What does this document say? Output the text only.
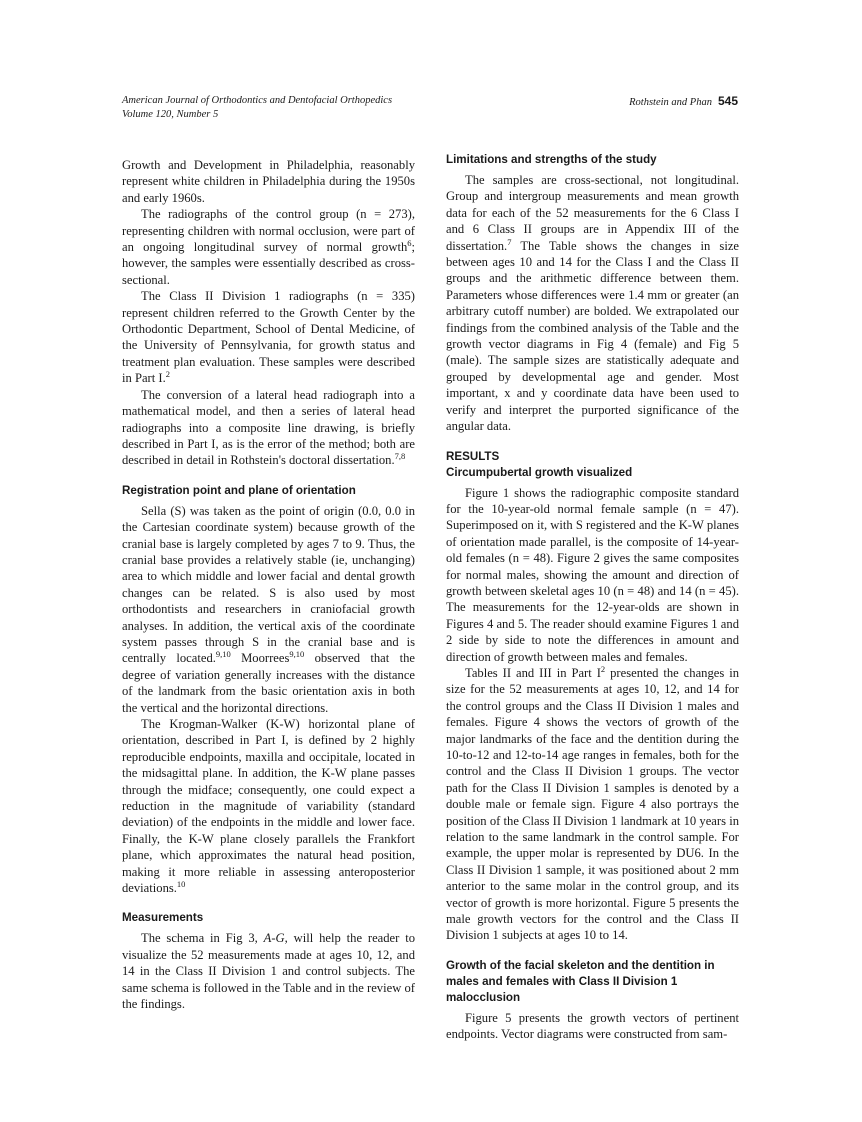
American Journal of Orthodontics and Dentofacial Orthopedics
Volume 120, Number 5
Rothstein and Phan 545

Growth and Development in Philadelphia, reasonably represent white children in Philadelphia during the 1950s and early 1960s.

The radiographs of the control group (n = 273), representing children with normal occlusion, were part of an ongoing longitudinal survey of normal growth$^6$; however, the samples were essentially described as cross-sectional.

The Class II Division 1 radiographs (n = 335) represent children referred to the Growth Center by the Orthodontic Department, School of Dental Medicine, of the University of Pennsylvania, for growth status and treatment plan evaluation. These samples were described in Part I.$^2$

The conversion of a lateral head radiograph into a mathematical model, and then a series of lateral head radiographs into a composite line drawing, is briefly described in Part I, as is the error of the method; both are described in detail in Rothstein's doctoral dissertation.$^{7,8}$

Registration point and plane of orientation

Sella (S) was taken as the point of origin (0.0, 0.0 in the Cartesian coordinate system) because growth of the cranial base is largely completed by ages 7 to 9. Thus, the cranial base provides a relatively stable (ie, unchanging) area to which middle and lower facial and dental growth changes can be related. S is also used by most orthodontists and researchers in craniofacial growth analyses. In addition, the vertical axis of the coordinate system passes through S in the cranial base and is centrally located.$^{9,10}$ Moorrees$^{9,10}$ observed that the degree of variation generally increases with the distance of the landmark from the basic orientation axis in both the vertical and the horizontal directions.

The Krogman-Walker (K-W) horizontal plane of orientation, described in Part I, is defined by 2 highly reproducible endpoints, maxilla and occipitale, located in the midsagittal plane. In addition, the K-W plane passes through the midface; consequently, one could expect a reduction in the magnitude of variability (standard deviation) of the endpoints in the middle and lower face. Finally, the K-W plane closely parallels the Frankfort plane, which approximates the natural head position, making it more reliable in assessing anteroposterior deviations.$^{10}$

Measurements

The schema in Fig 3, A-G, will help the reader to visualize the 52 measurements made at ages 10, 12, and 14 in the Class II Division 1 and control subjects. The same schema is followed in the Table and in the review of the findings.

Limitations and strengths of the study

The samples are cross-sectional, not longitudinal. Group and intergroup measurements and mean growth data for each of the 52 measurements for the 6 Class I and 6 Class II groups are in Appendix III of the dissertation.$^7$ The Table shows the changes in size between ages 10 and 14 for the Class I and the Class II groups and the arithmetic difference between them. Parameters whose differences were 1.4 mm or greater (an arbitrary cutoff number) are bolded. We extrapolated our findings from the combined analysis of the Table and the growth vector diagrams in Fig 4 (female) and Fig 5 (male). The sample sizes are statistically adequate and grouped by developmental age and gender. Most important, x and y coordinate data have been used to verify and interpret the purported significance of the angular data.

RESULTS
Circumpubertal growth visualized

Figure 1 shows the radiographic composite standard for the 10-year-old normal female sample (n = 47). Superimposed on it, with S registered and the K-W planes of orientation made parallel, is the composite of 14-year-old females (n = 48). Figure 2 gives the same composites for normal males, showing the amount and direction of growth between skeletal ages 10 (n = 48) and 14 (n = 45). The measurements for the 12-year-olds are shown in Figures 4 and 5. The reader should examine Figures 1 and 2 side by side to note the differences in amount and direction of growth between males and females.

Tables II and III in Part $I^2$ presented the changes in size for the 52 measurements at ages 10, 12, and 14 for the control groups and the Class II Division 1 males and females. Figure 4 shows the vectors of growth of the major landmarks of the face and the dentition during the 10-to-12 and 12-to-14 age ranges in females, both for the control and the Class II Division 1 groups. The vector path for the Class II Division 1 samples is denoted by a double male or female sign. Figure 4 also portrays the position of the Class II Division 1 landmark at 10 years in relation to the same landmark in the control sample. For example, the upper molar is represented by DU6. In the Class II Division 1 sample, it was positioned about 2 mm anterior to the same molar in the control group, and its vector of growth is more horizontal. Figure 5 presents the male growth vectors for the control and the Class II Division 1 subjects at ages 10 to 14.

Growth of the facial skeleton and the dentition in males and females with Class II Division 1 malocclusion

Figure 5 presents the growth vectors of pertinent endpoints. Vector diagrams were constructed from sam-
